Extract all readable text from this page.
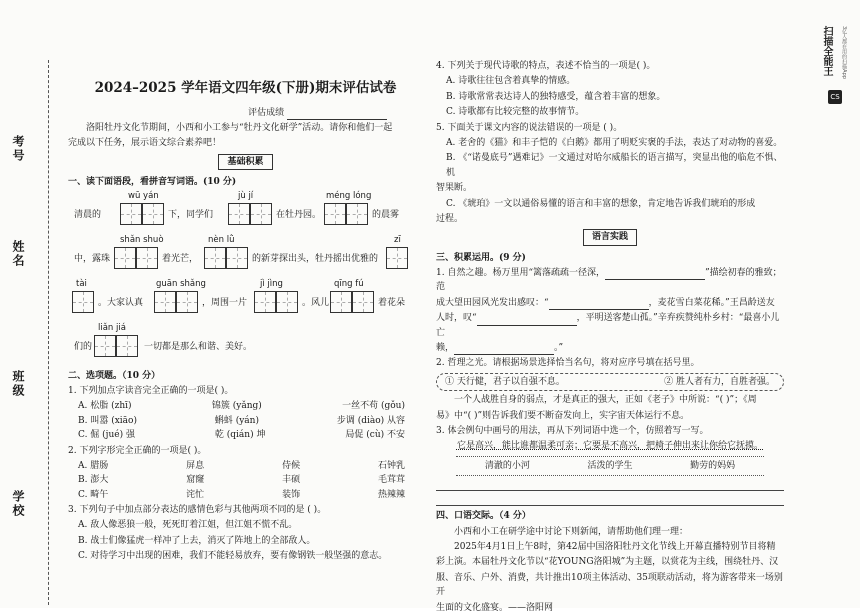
学校
班级
姓名
考号
扫描全能王	3亿人都在用的扫描App
CS
2024–2025 学年语文四年级(下册)期末评估试卷
评估成绩
洛阳牡丹文化节期间，小西和小工参与“牡丹文化研学”活动。请你和他们一起
完成以下任务，展示语文综合素养吧！
基础积累
一、读下面语段，看拼音写词语。(10 分)
wū yán
清晨的	下，同学们
jù jí
在牡丹园。
méng lóng
的晨雾
中，露珠
shǎn shuò
着光芒，
nèn lǜ
的新芽探出头，牡丹摇出优雅的
zī
tài
。大家认真
guān shǎng
，周围一片
jì jìng
。风儿
qīng fú
着花朵
liǎn jiá
们的	一切都是那么和谐、美好。
二、选项题。（10 分）
1. 下列加点字读音完全正确的一项是( )。
A. 松脂 (zhī)	锦簇 (yǎng)	一丝不苟 (gǒu)
B. 叫嚣 (xiāo)	蝌蚪 (yán)	步调 (diào) 从容
C. 倔 (jué) 强	乾 (qián) 坤	局促 (cù) 不安
2. 下列字形完全正确的一项是( )。
A. 腊肠	屏息	侍候	石钟乳
B. 澎大	窟窿	丰硕	毛茸茸
C. 畸午	诧忙	装饰	热辣辣
3. 下列句子中加点部分表达的感情色彩与其他两项不同的是 ( )。
A. 敌人像恶狼一般，死死盯着江姐，但江姐不慌不乱。
B. 战士们像猛虎一样冲了上去，消灭了阵地上的全部敌人。
C. 对待学习中出现的困难，我们不能轻易放弃，要有像钢铁一般坚强的意志。
4. 下列关于现代诗歌的特点，表述不恰当的一项是( )。
A. 诗歌往往包含着真挚的情感。
B. 诗歌常常表达诗人的独特感受，蕴含着丰富的想象。
C. 诗歌都有比较完整的故事情节。
5. 下面关于课文内容的说法错误的一项是 ( )。
A. 老舍的《猫》和丰子恺的《白鹅》都用了明贬实褒的手法，表达了对动物的喜爱。
B. 《“诺曼底号”遇难记》一文通过对哈尔威船长的语言描写，突显出他的临危不惧、机
智果断。
C. 《琥珀》一文以通俗易懂的语言和丰富的想象，肯定地告诉我们琥珀的形成
过程。
语言实践
三、积累运用。(9 分)
1. 自然之趣。杨万里用“篱落疏疏一径深，	”描绘初春的雅致；范
成大望田园风光发出感叹：“	，麦花雪白菜花稀。”王昌龄送友
人时，叹“	，平明送客楚山孤。”辛弃疾赞纯朴乡村：“最喜小儿亡
赖，	。”
2. 哲理之光。请根据场景选择恰当名句，将对应序号填在括号里。
① 天行健，君子以自强不息。	② 胜人者有力，自胜者强。
一个人战胜自身的弱点，才是真正的强大，正如《老子》中所说：“( )”；《周
易》中“( )”则告诉我们要不断奋发向上，实字宙天体运行不息。
3. 体会例句中画号的用法，再从下列词语中选一个，仿照着写一写。
它是高兴，能比谁都温柔可亲；它要是不高兴，把椅子伸出来让你给它抚摸。
清澈的小河	活泼的学生	勤劳的妈妈
四、口语交际。（4 分）
小西和小工在研学途中讨论下则新闻，请帮助他们理一理：
2025年4月1日上午8时，第42届中国洛阳牡丹文化节线上开幕直播特别节目将精
彩上演。本届牡丹文化节以“花YOUNG洛阳城”为主题，以赏花为主线，围绕牡丹、汉
服、音乐、户外、消费，共计推出10项主体活动、35项联动活动，将为游客带来一场别开
生面的文化盛宴。——洛阳网
